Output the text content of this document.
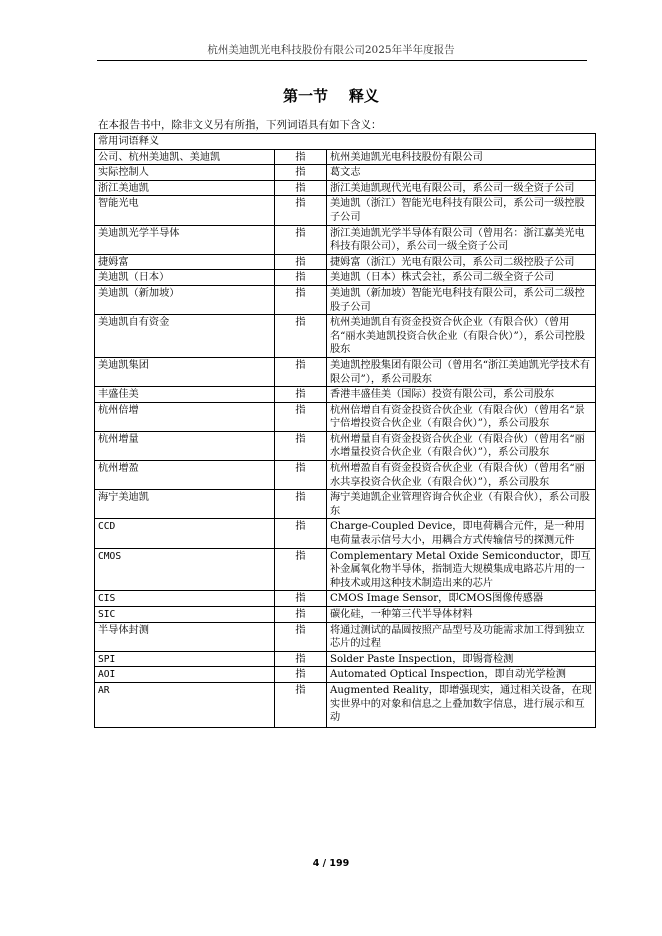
杭州美迪凯光电科技股份有限公司2025年半年度报告
第一节    释义
在本报告书中，除非文义另有所指，下列词语具有如下含义：
常用词语释义		
公司、杭州美迪凯、美迪凯	指	杭州美迪凯光电科技股份有限公司
实际控制人	指	葛文志
浙江美迪凯	指	浙江美迪凯现代光电有限公司，系公司一级全资子公司
智能光电	指	美迪凯（浙江）智能光电科技有限公司，系公司一级控股子公司
美迪凯光学半导体	指	浙江美迪凯光学半导体有限公司（曾用名：浙江嘉美光电科技有限公司），系公司一级全资子公司
捷姆富	指	捷姆富（浙江）光电有限公司，系公司二级控股子公司
美迪凯（日本）	指	美迪凯（日本）株式会社，系公司二级全资子公司
美迪凯（新加坡）	指	美迪凯（新加坡）智能光电科技有限公司，系公司二级控股子公司
美迪凯自有资金	指	杭州美迪凯自有资金投资合伙企业（有限合伙）（曾用名“丽水美迪凯投资合伙企业（有限合伙）”），系公司控股股东
美迪凯集团	指	美迪凯控股集团有限公司（曾用名“浙江美迪凯光学技术有限公司”），系公司股东
丰盛佳美	指	香港丰盛佳美（国际）投资有限公司，系公司股东
杭州倍增	指	杭州倍增自有资金投资合伙企业（有限合伙）（曾用名“景宁倍增投资合伙企业（有限合伙）”），系公司股东
杭州增量	指	杭州增量自有资金投资合伙企业（有限合伙）（曾用名“丽水增量投资合伙企业（有限合伙）”），系公司股东
杭州增盈	指	杭州增盈自有资金投资合伙企业（有限合伙）（曾用名“丽水共享投资合伙企业（有限合伙）”），系公司股东
海宁美迪凯	指	海宁美迪凯企业管理咨询合伙企业（有限合伙），系公司股东
CCD	指	Charge-Coupled Device，即电荷耦合元件，是一种用电荷量表示信号大小，用耦合方式传输信号的探测元件
CMOS	指	Complementary Metal Oxide Semiconductor，即互补金属氧化物半导体，指制造大规模集成电路芯片用的一种技术或用这种技术制造出来的芯片
CIS	指	CMOS Image Sensor，即CMOS图像传感器
SIC	指	碳化硅，一种第三代半导体材料
半导体封测	指	将通过测试的晶圆按照产品型号及功能需求加工得到独立芯片的过程
SPI	指	Solder Paste Inspection，即锡膏检测
AOI	指	Automated Optical Inspection，即自动光学检测
AR	指	Augmented Reality，即增强现实，通过相关设备，在现实世界中的对象和信息之上叠加数字信息，进行展示和互动
4 / 199
